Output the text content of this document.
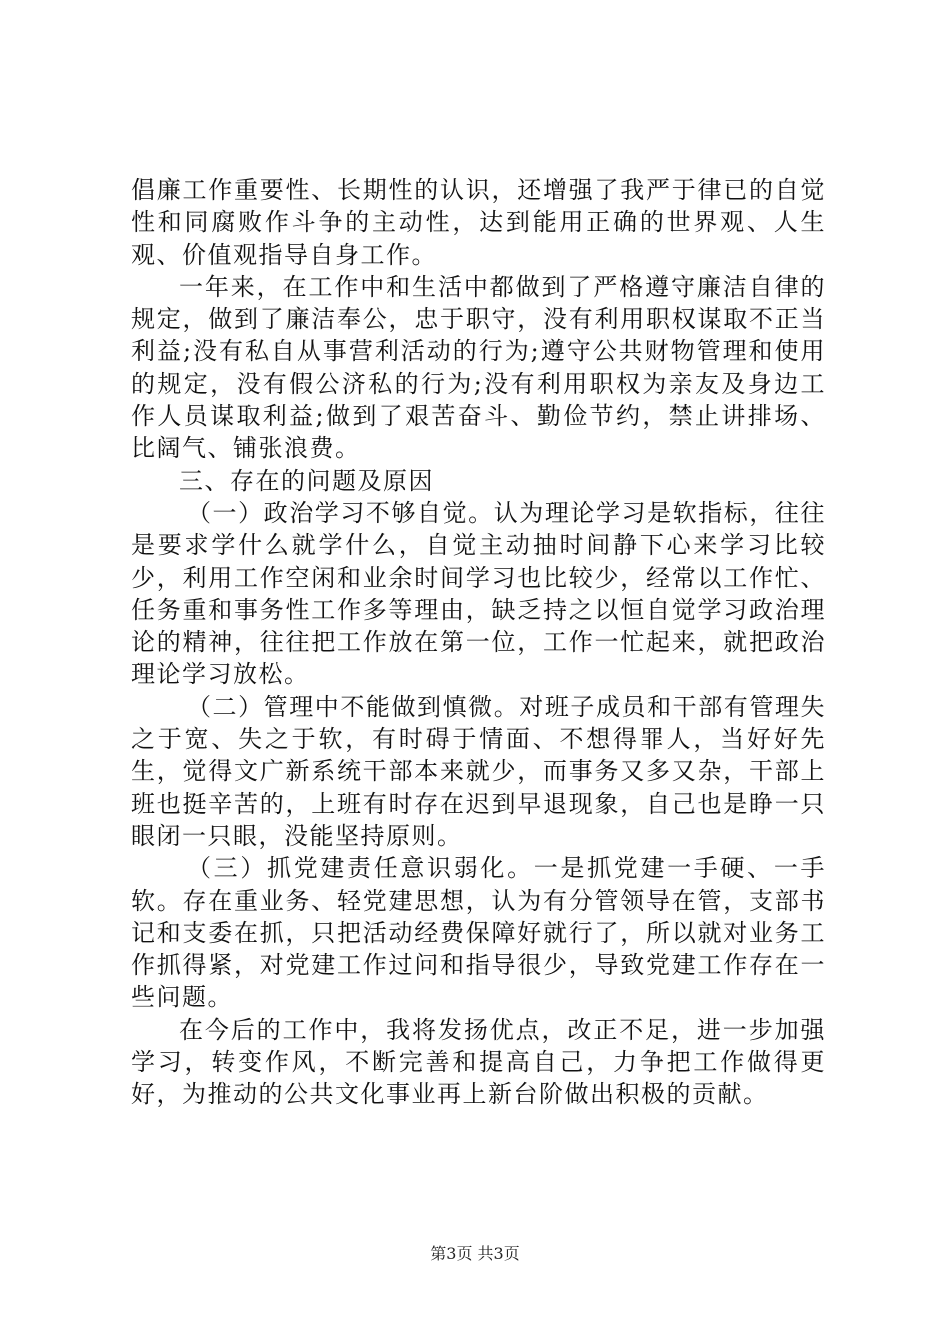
倡廉工作重要性、长期性的认识，还增强了我严于律已的自觉性和同腐败作斗争的主动性，达到能用正确的世界观、人生观、价值观指导自身工作。

一年来，在工作中和生活中都做到了严格遵守廉洁自律的规定，做到了廉洁奉公，忠于职守，没有利用职权谋取不正当利益;没有私自从事营利活动的行为;遵守公共财物管理和使用的规定，没有假公济私的行为;没有利用职权为亲友及身边工作人员谋取利益;做到了艰苦奋斗、勤俭节约，禁止讲排场、比阔气、铺张浪费。

三、存在的问题及原因

（一）政治学习不够自觉。认为理论学习是软指标，往往是要求学什么就学什么，自觉主动抽时间静下心来学习比较少，利用工作空闲和业余时间学习也比较少，经常以工作忙、任务重和事务性工作多等理由，缺乏持之以恒自觉学习政治理论的精神，往往把工作放在第一位，工作一忙起来，就把政治理论学习放松。

（二）管理中不能做到慎微。对班子成员和干部有管理失之于宽、失之于软，有时碍于情面、不想得罪人，当好好先生，觉得文广新系统干部本来就少，而事务又多又杂，干部上班也挺辛苦的，上班有时存在迟到早退现象，自己也是睁一只眼闭一只眼，没能坚持原则。

（三）抓党建责任意识弱化。一是抓党建一手硬、一手软。存在重业务、轻党建思想，认为有分管领导在管，支部书记和支委在抓，只把活动经费保障好就行了，所以就对业务工作抓得紧，对党建工作过问和指导很少，导致党建工作存在一些问题。

在今后的工作中，我将发扬优点，改正不足，进一步加强学习，转变作风，不断完善和提高自己，力争把工作做得更好，为推动的公共文化事业再上新台阶做出积极的贡献。

第3页 共3页
